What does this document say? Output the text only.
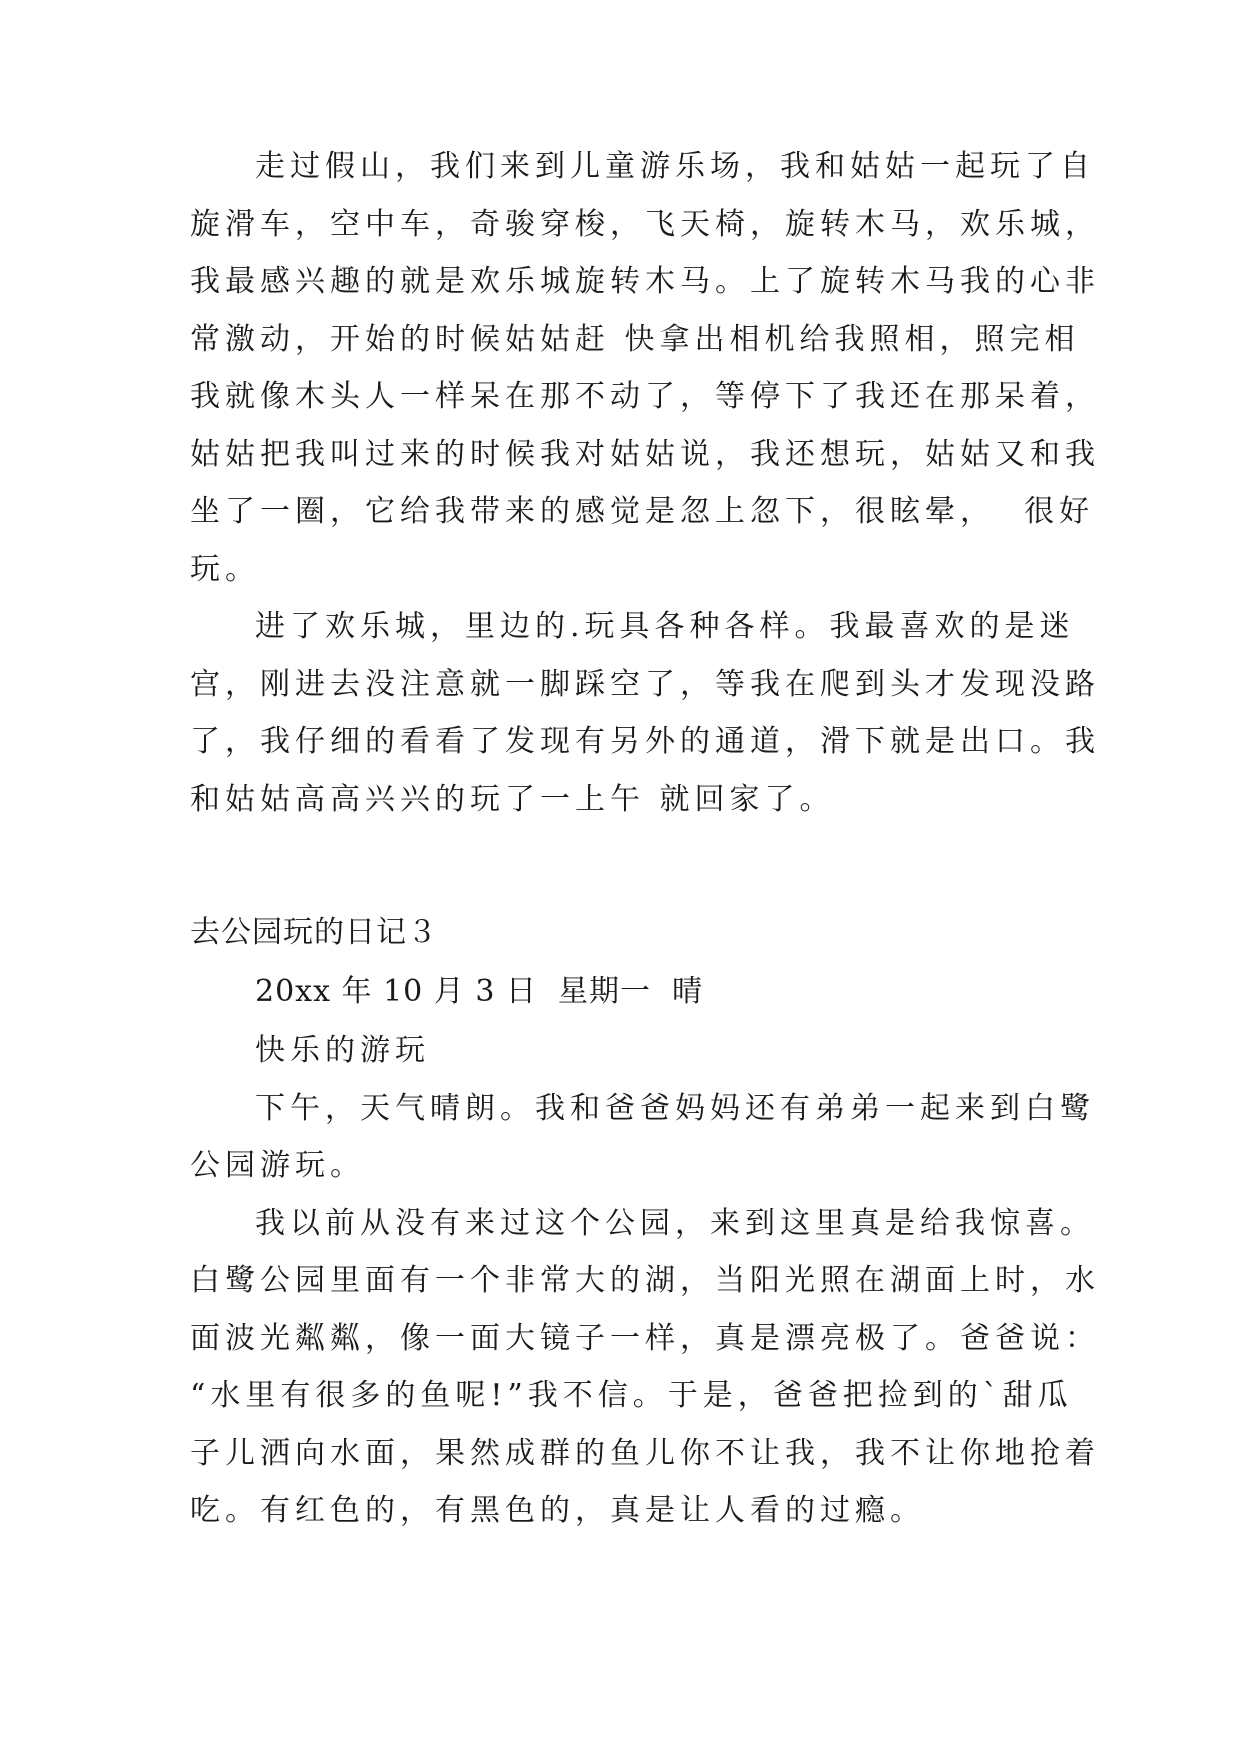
走过假山，我们来到儿童游乐场，我和姑姑一起玩了自
旋滑车，空中车，奇骏穿梭，飞天椅，旋转木马，欢乐城，
我最感兴趣的就是欢乐城旋转木马。上了旋转木马我的心非
常激动，开始的时候姑姑赶 快拿出相机给我照相，照完相
我就像木头人一样呆在那不动了，等停下了我还在那呆着，
姑姑把我叫过来的时候我对姑姑说，我还想玩，姑姑又和我
坐了一圈，它给我带来的感觉是忽上忽下，很眩晕，  很好
玩。
进了欢乐城，里边的.玩具各种各样。我最喜欢的是迷
宫，刚进去没注意就一脚踩空了，等我在爬到头才发现没路
了，我仔细的看看了发现有另外的通道，滑下就是出口。我
和姑姑高高兴兴的玩了一上午 就回家了。
去公园玩的日记３
20xx 年 10 月 3 日  星期一  晴
快乐的游玩
下午，天气晴朗。我和爸爸妈妈还有弟弟一起来到白鹭
公园游玩。
我以前从没有来过这个公园，来到这里真是给我惊喜。
白鹭公园里面有一个非常大的湖，当阳光照在湖面上时，水
面波光粼粼，像一面大镜子一样，真是漂亮极了。爸爸说：
“水里有很多的鱼呢!”我不信。于是，爸爸把捡到的`甜瓜
子儿洒向水面，果然成群的鱼儿你不让我，我不让你地抢着
吃。有红色的，有黑色的，真是让人看的过瘾。
